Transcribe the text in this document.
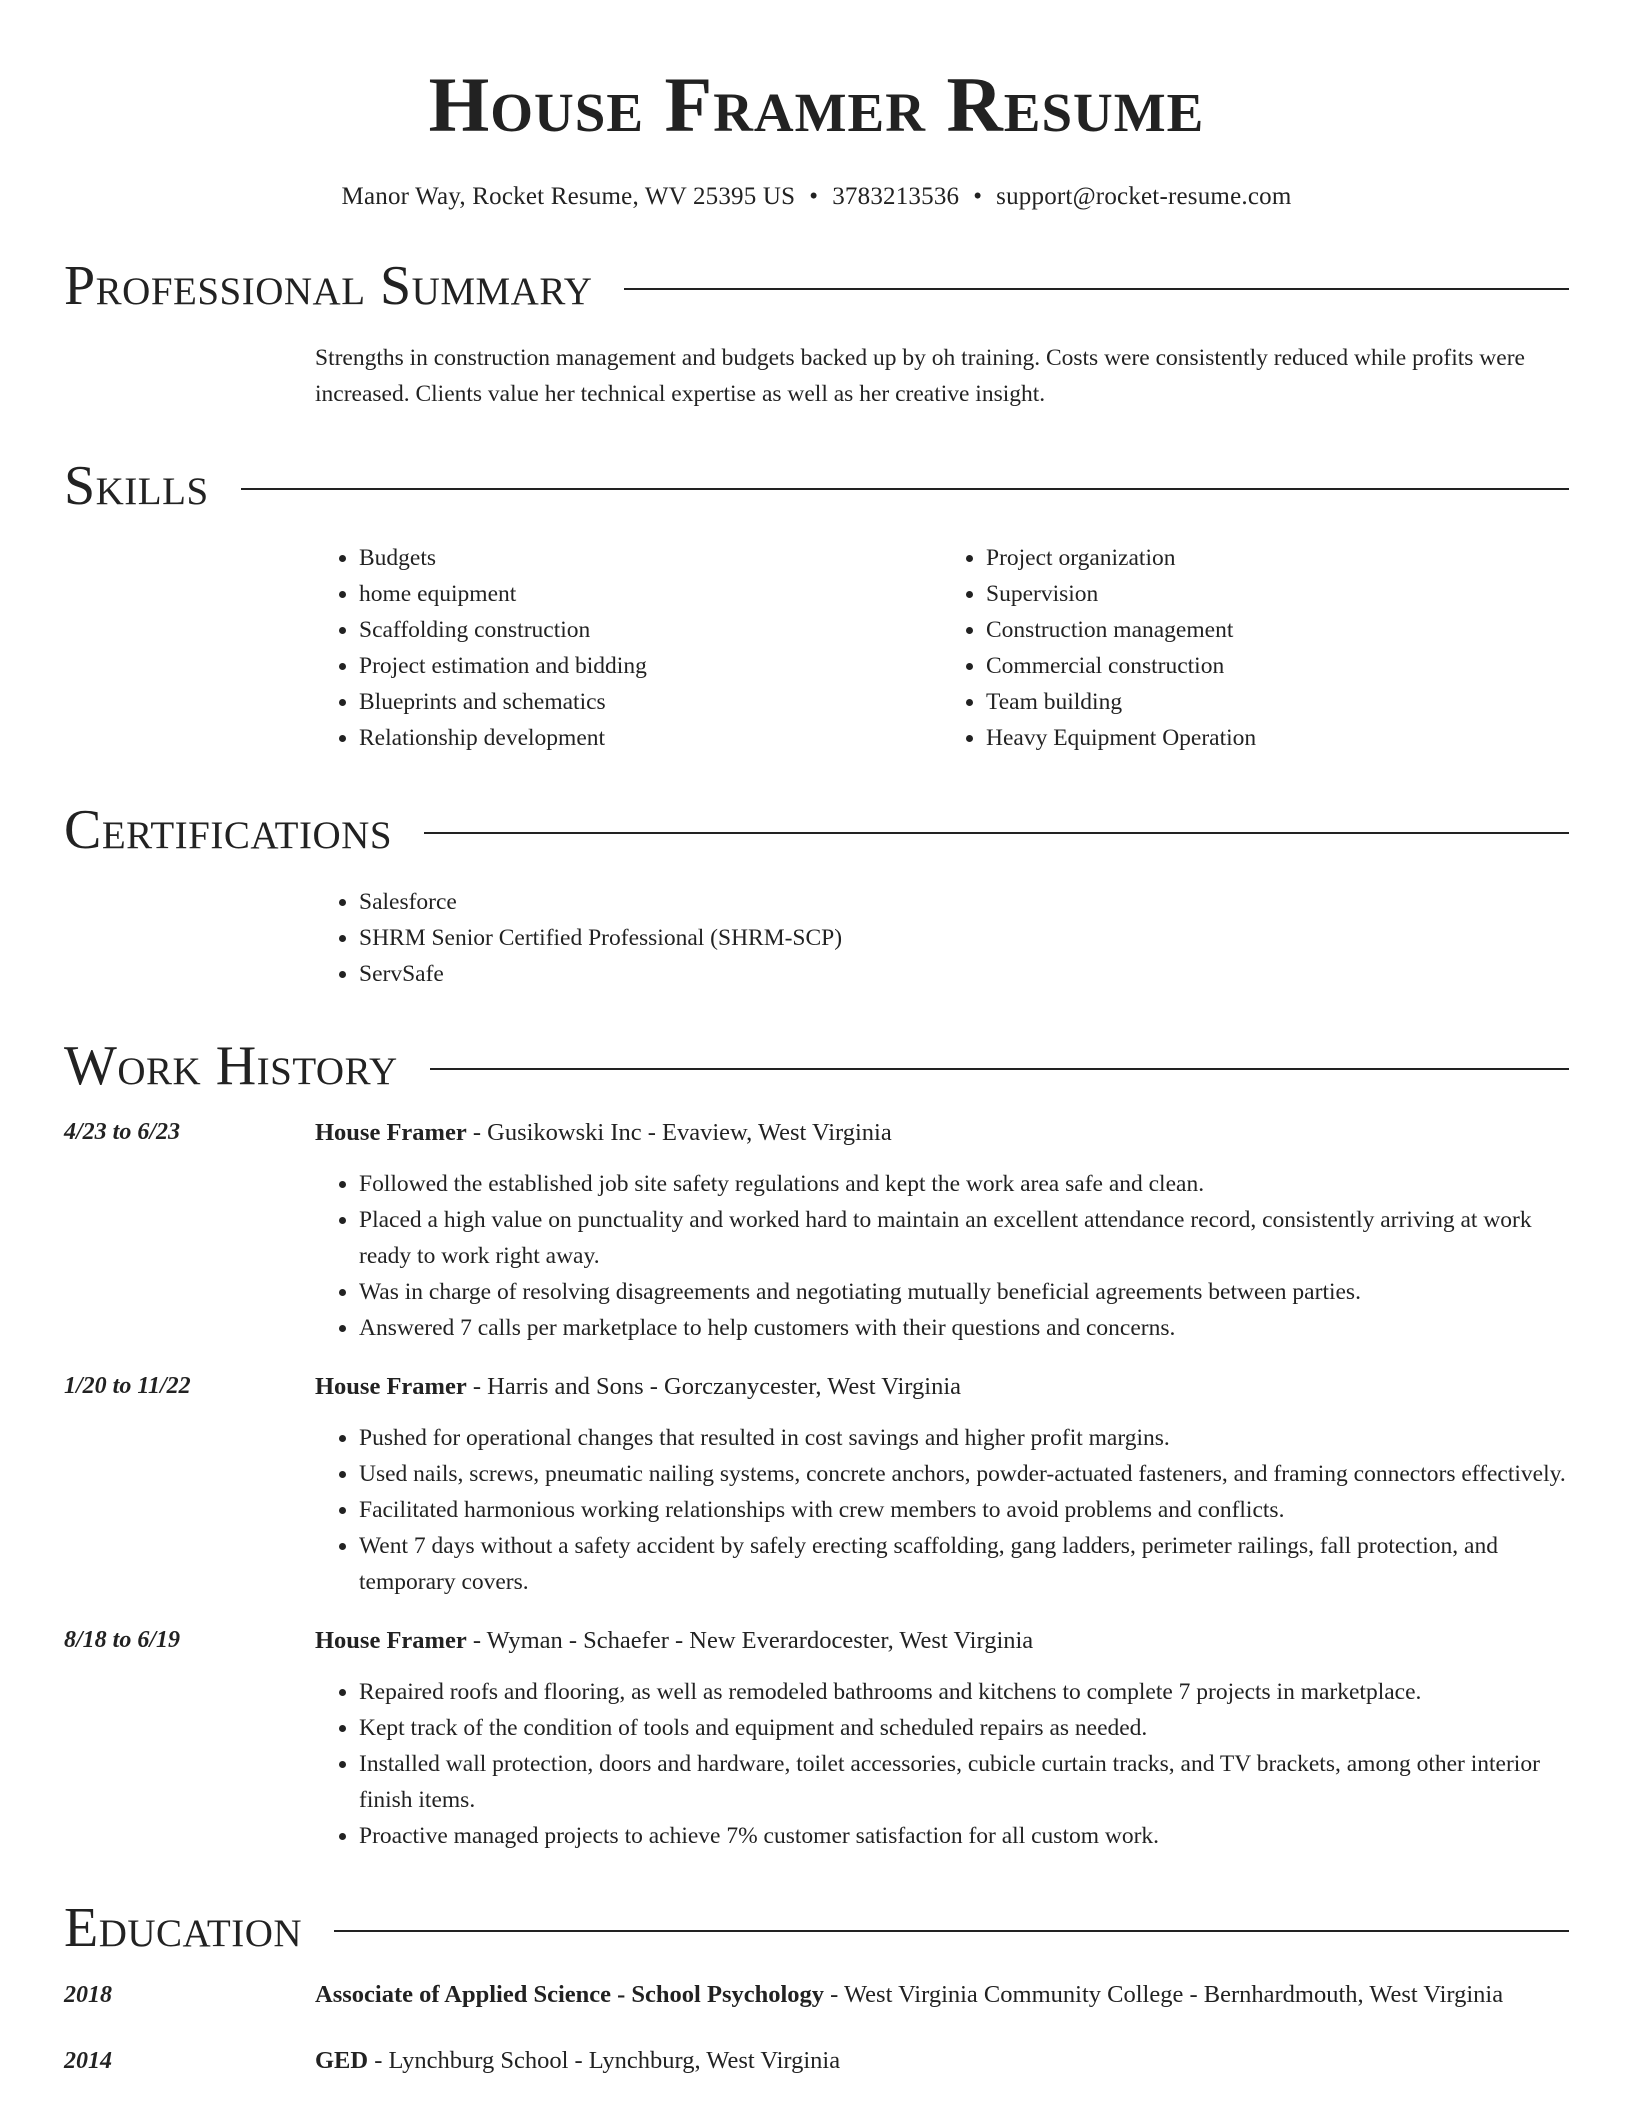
House Framer Resume
Manor Way, Rocket Resume, WV 25395 US • 3783213536 • support@rocket-resume.com
Professional Summary
Strengths in construction management and budgets backed up by oh training. Costs were consistently reduced while profits were increased. Clients value her technical expertise as well as her creative insight.
Skills
• Budgets
• home equipment
• Scaffolding construction
• Project estimation and bidding
• Blueprints and schematics
• Relationship development
• Project organization
• Supervision
• Construction management
• Commercial construction
• Team building
• Heavy Equipment Operation
Certifications
• Salesforce
• SHRM Senior Certified Professional (SHRM-SCP)
• ServSafe
Work History
4/23 to 6/23	House Framer - Gusikowski Inc - Evaview, West Virginia
• Followed the established job site safety regulations and kept the work area safe and clean.
• Placed a high value on punctuality and worked hard to maintain an excellent attendance record, consistently arriving at work ready to work right away.
• Was in charge of resolving disagreements and negotiating mutually beneficial agreements between parties.
• Answered 7 calls per marketplace to help customers with their questions and concerns.
1/20 to 11/22	House Framer - Harris and Sons - Gorczanycester, West Virginia
• Pushed for operational changes that resulted in cost savings and higher profit margins.
• Used nails, screws, pneumatic nailing systems, concrete anchors, powder-actuated fasteners, and framing connectors effectively.
• Facilitated harmonious working relationships with crew members to avoid problems and conflicts.
• Went 7 days without a safety accident by safely erecting scaffolding, gang ladders, perimeter railings, fall protection, and temporary covers.
8/18 to 6/19	House Framer - Wyman - Schaefer - New Everardocester, West Virginia
• Repaired roofs and flooring, as well as remodeled bathrooms and kitchens to complete 7 projects in marketplace.
• Kept track of the condition of tools and equipment and scheduled repairs as needed.
• Installed wall protection, doors and hardware, toilet accessories, cubicle curtain tracks, and TV brackets, among other interior finish items.
• Proactive managed projects to achieve 7% customer satisfaction for all custom work.
Education
2018	Associate of Applied Science - School Psychology - West Virginia Community College - Bernhardmouth, West Virginia
2014	GED - Lynchburg School - Lynchburg, West Virginia
